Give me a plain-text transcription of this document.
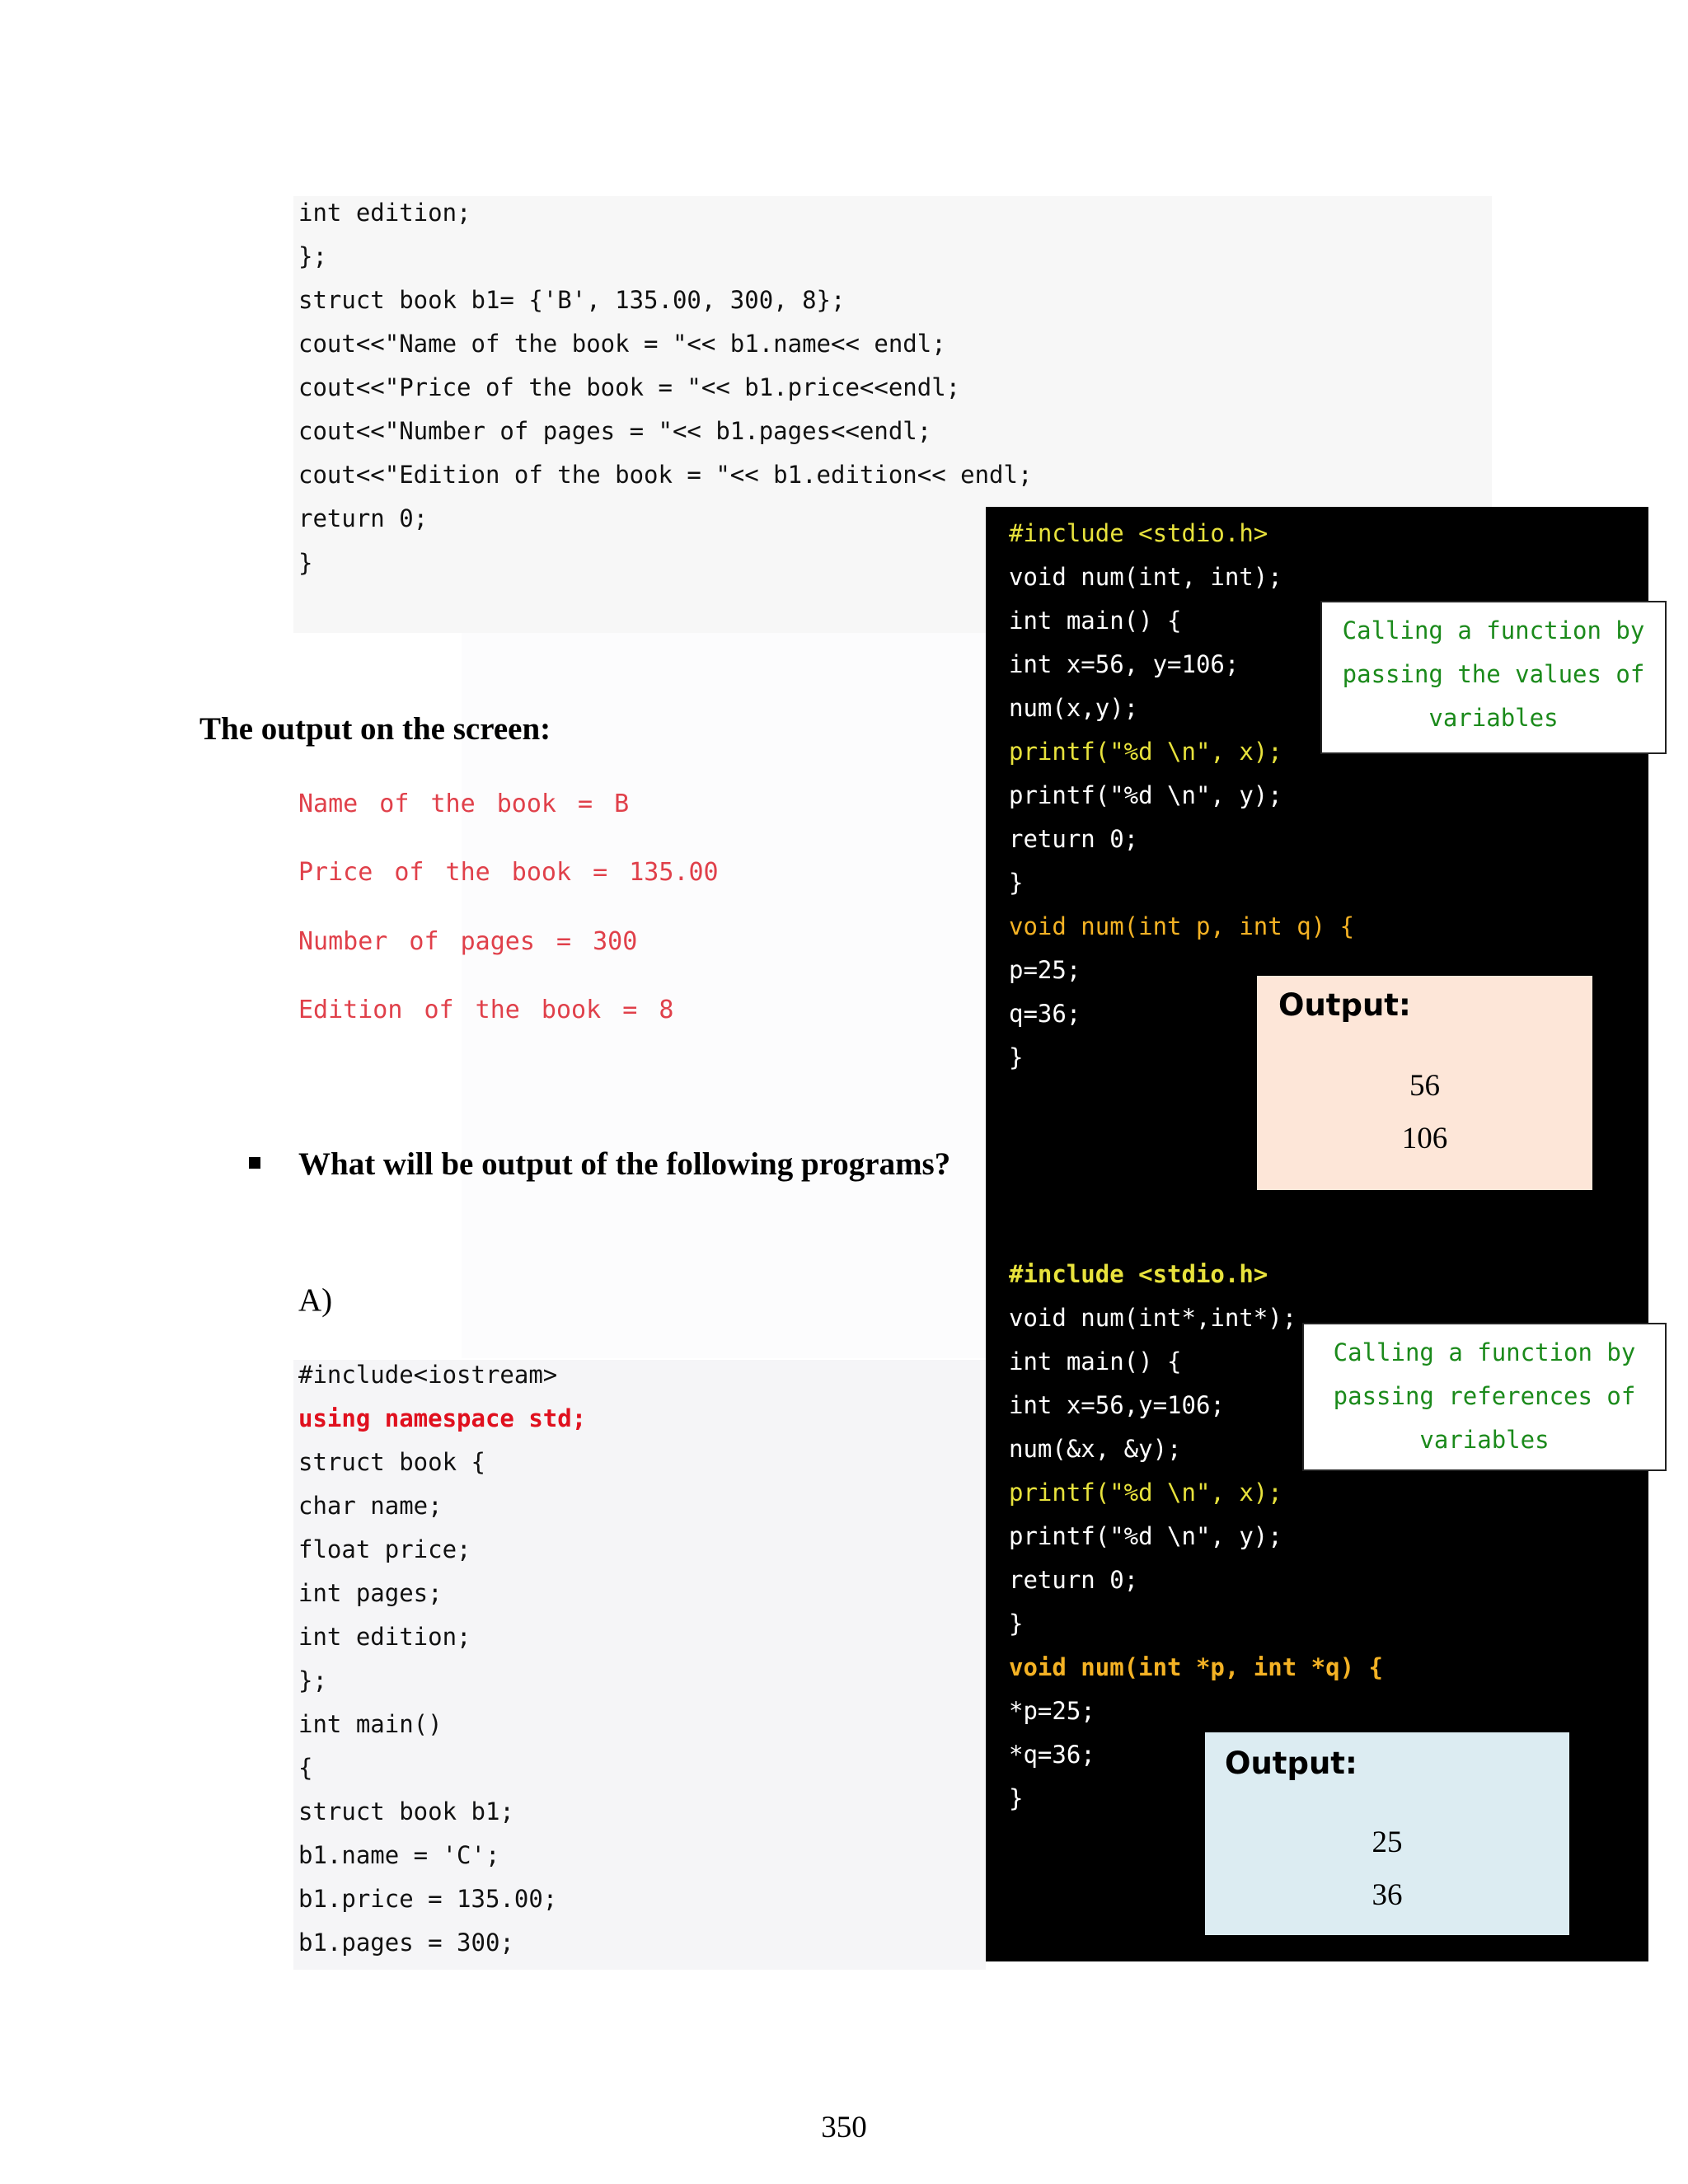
int edition;
};
struct book b1= {'B', 135.00, 300, 8};
cout<<"Name of the book = "<< b1.name<< endl;
cout<<"Price of the book = "<< b1.price<<endl;
cout<<"Number of pages = "<< b1.pages<<endl;
cout<<"Edition of the book = "<< b1.edition<< endl;
return 0;
}
The output on the screen:
Name of the book = B
Price of the book = 135.00
Number of pages = 300
Edition of the book = 8
What will be output of the following programs?
A)
#include<iostream>
using namespace std;
struct book {
char name;
float price;
int pages;
int edition;
};
int main()
{
struct book b1;
b1.name = 'C';
b1.price = 135.00;
b1.pages = 300;
#include <stdio.h>
void num(int, int);
int main() {
int x=56, y=106;
num(x,y);
printf("%d \n", x);
printf("%d \n", y);
return 0;
}
void num(int p, int q) {
p=25;
q=36;
}
Calling a function by
passing the values of
variables
Output:
56
106
#include <stdio.h>
void num(int*,int*);
int main() {
int x=56,y=106;
num(&x, &y);
printf("%d \n", x);
printf("%d \n", y);
return 0;
}
void num(int *p, int *q) {
*p=25;
*q=36;
}
Calling a function by
passing references of
variables
Output:
25
36
350
